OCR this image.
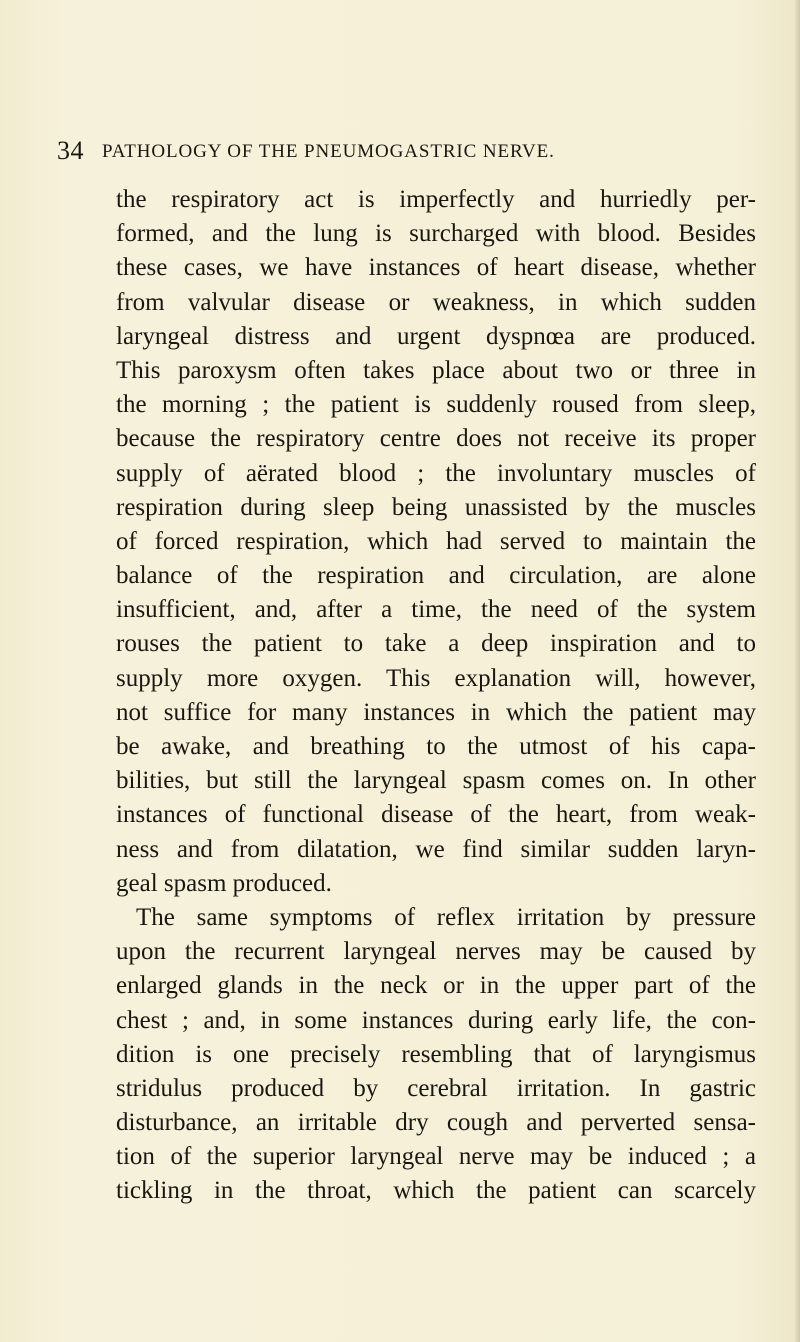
34 PATHOLOGY OF THE PNEUMOGASTRIC NERVE.
the respiratory act is imperfectly and hurriedly per-
formed, and the lung is surcharged with blood. Besides
these cases, we have instances of heart disease, whether
from valvular disease or weakness, in which sudden
laryngeal distress and urgent dyspnœa are produced.
This paroxysm often takes place about two or three in
the morning ; the patient is suddenly roused from sleep,
because the respiratory centre does not receive its proper
supply of aërated blood ; the involuntary muscles of
respiration during sleep being unassisted by the muscles
of forced respiration, which had served to maintain the
balance of the respiration and circulation, are alone
insufficient, and, after a time, the need of the system
rouses the patient to take a deep inspiration and to
supply more oxygen. This explanation will, however,
not suffice for many instances in which the patient may
be awake, and breathing to the utmost of his capa-
bilities, but still the laryngeal spasm comes on. In other
instances of functional disease of the heart, from weak-
ness and from dilatation, we find similar sudden laryn-
geal spasm produced.
The same symptoms of reflex irritation by pressure
upon the recurrent laryngeal nerves may be caused by
enlarged glands in the neck or in the upper part of the
chest ; and, in some instances during early life, the con-
dition is one precisely resembling that of laryngismus
stridulus produced by cerebral irritation. In gastric
disturbance, an irritable dry cough and perverted sensa-
tion of the superior laryngeal nerve may be induced ; a
tickling in the throat, which the patient can scarcely
